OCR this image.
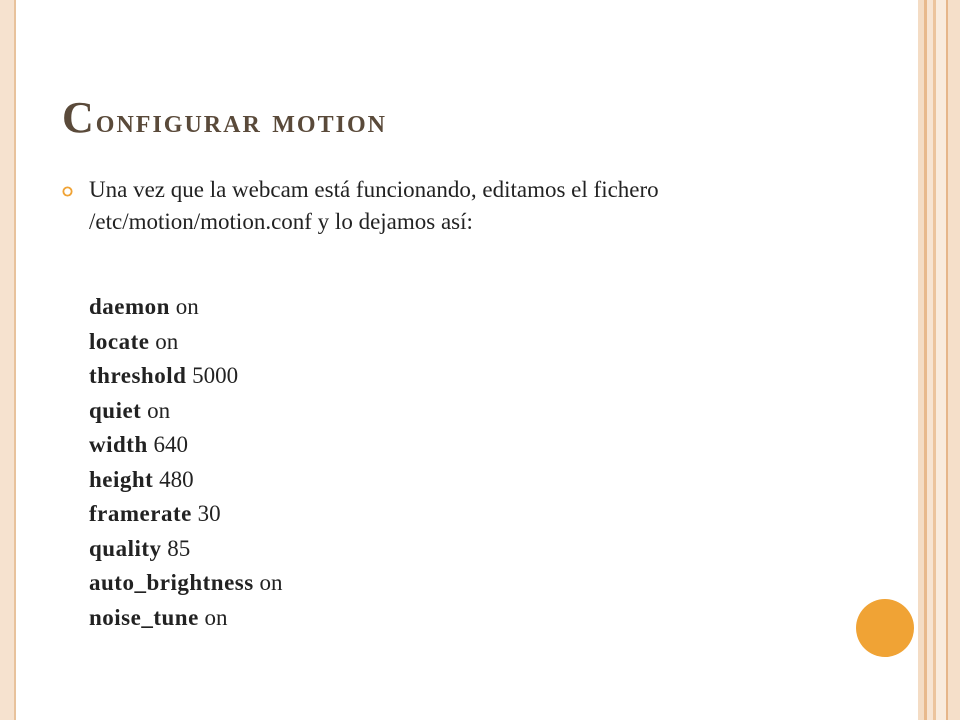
Configurar motion

Una vez que la webcam está funcionando, editamos el fichero /etc/motion/motion.conf y lo dejamos así:

daemon on
locate on
threshold 5000
quiet on
width 640
height 480
framerate 30
quality 85
auto_brightness on
noise_tune on
